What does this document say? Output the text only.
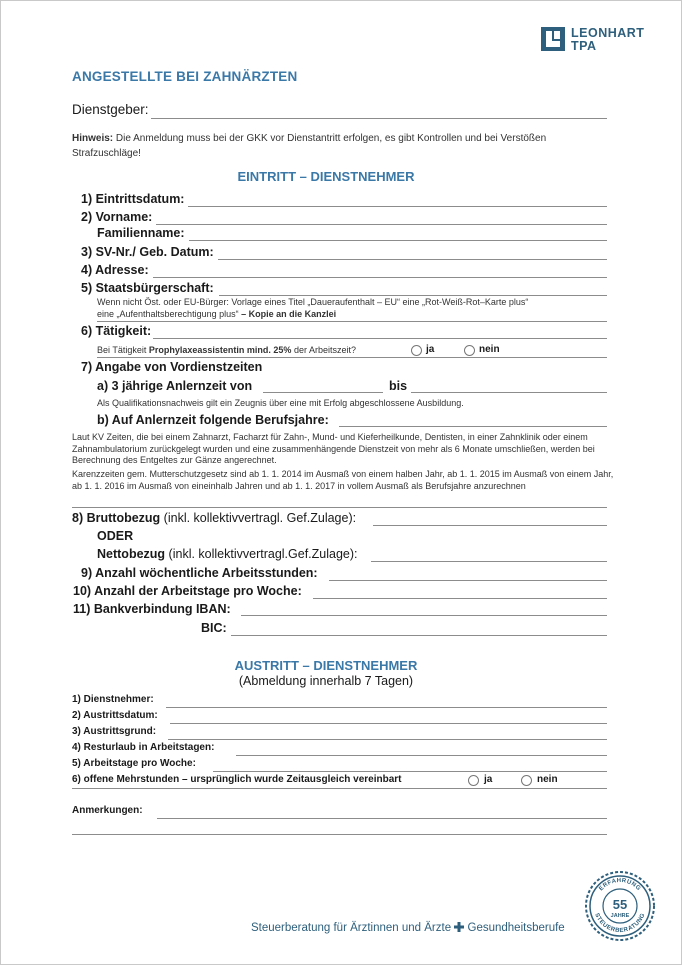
LEONHART
TPA
ANGESTELLTE BEI ZAHNÄRZTEN
Dienstgeber:
Hinweis: Die Anmeldung muss bei der GKK vor Dienstantritt erfolgen, es gibt Kontrollen und bei Verstößen
Strafzuschläge!
EINTRITT – DIENSTNEHMER
1) Eintrittsdatum:
2) Vorname:
Familienname:
3) SV-Nr./ Geb. Datum:
4) Adresse:
5) Staatsbürgerschaft:
Wenn nicht Öst. oder EU-Bürger: Vorlage eines Titel „Daueraufenthalt – EU“ eine „Rot-Weiß-Rot–Karte plus“
eine „Aufenthaltsberechtigung plus“ – Kopie an die Kanzlei
6) Tätigkeit:
Bei Tätigkeit Prophylaxeassistentin mind. 25% der Arbeitszeit?	ja	nein
7) Angabe von Vordienstzeiten
a) 3 jährige Anlernzeit von	bis
Als Qualifikationsnachweis gilt ein Zeugnis über eine mit Erfolg abgeschlossene Ausbildung.
b) Auf Anlernzeit folgende Berufsjahre:
Laut KV Zeiten, die bei einem Zahnarzt, Facharzt für Zahn-, Mund- und Kieferheilkunde, Dentisten, in einer Zahnklinik oder einem Zahnambulatorium zurückgelegt wurden und eine zusammenhängende Dienstzeit von mehr als 6 Monate umschließen, werden bei Berechnung des Entgeltes zur Gänze angerechnet.
Karenzzeiten gem. Mutterschutzgesetz sind ab 1. 1. 2014 im Ausmaß von einem halben Jahr, ab 1. 1. 2015 im Ausmaß von einem Jahr, ab 1. 1. 2016 im Ausmaß von eineinhalb Jahren und ab 1. 1. 2017 in vollem Ausmaß als Berufsjahre anzurechnen
8) Bruttobezug (inkl. kollektivvertragl. Gef.Zulage):
ODER
Nettobezug (inkl. kollektivvertragl.Gef.Zulage):
9) Anzahl wöchentliche Arbeitsstunden:
10) Anzahl der Arbeitstage pro Woche:
11) Bankverbindung IBAN:
BIC:
AUSTRITT – DIENSTNEHMER
(Abmeldung innerhalb 7 Tagen)
1) Dienstnehmer:
2) Austrittsdatum:
3) Austrittsgrund:
4) Resturlaub in Arbeitstagen:
5) Arbeitstage pro Woche:
6) offene Mehrstunden – ursprünglich wurde Zeitausgleich vereinbart	ja	nein
Anmerkungen:
Steuerberatung für Ärztinnen und Ärzte Gesundheitsberufe
ERFAHRUNG
STEUERBERATUNG
55
JAHRE
